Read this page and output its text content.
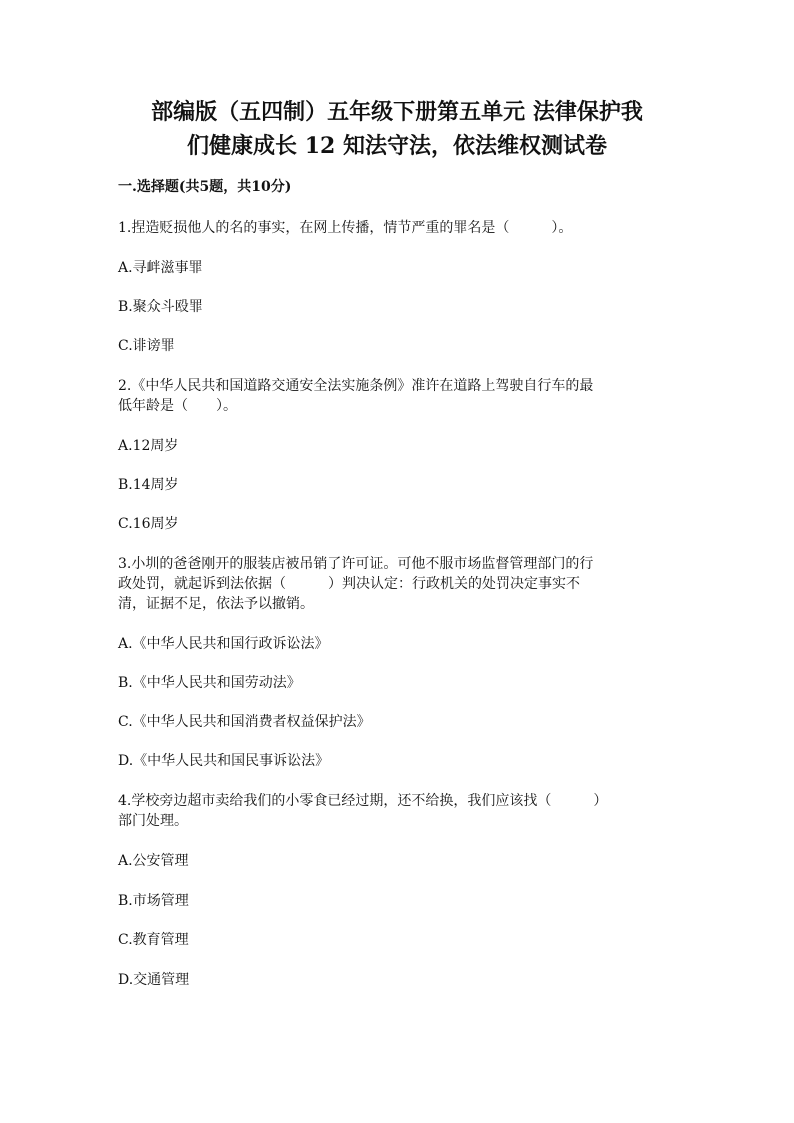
部编版（五四制）五年级下册第五单元 法律保护我
们健康成长 12 知法守法，依法维权测试卷
一.选择题(共5题，共10分)
1.捏造贬损他人的名的事实，在网上传播，情节严重的罪名是（　　　）。
A.寻衅滋事罪
B.聚众斗殴罪
C.诽谤罪
2.《中华人民共和国道路交通安全法实施条例》准许在道路上驾驶自行车的最
低年龄是（　　）。
A.12周岁
B.14周岁
C.16周岁
3.小圳的爸爸刚开的服装店被吊销了许可证。可他不服市场监督管理部门的行
政处罚，就起诉到法依据（　　　）判决认定：行政机关的处罚决定事实不
清，证据不足，依法予以撤销。
A.《中华人民共和国行政诉讼法》
B.《中华人民共和国劳动法》
C.《中华人民共和国消费者权益保护法》
D.《中华人民共和国民事诉讼法》
4.学校旁边超市卖给我们的小零食已经过期，还不给换，我们应该找（　　　）
部门处理。
A.公安管理
B.市场管理
C.教育管理
D.交通管理
